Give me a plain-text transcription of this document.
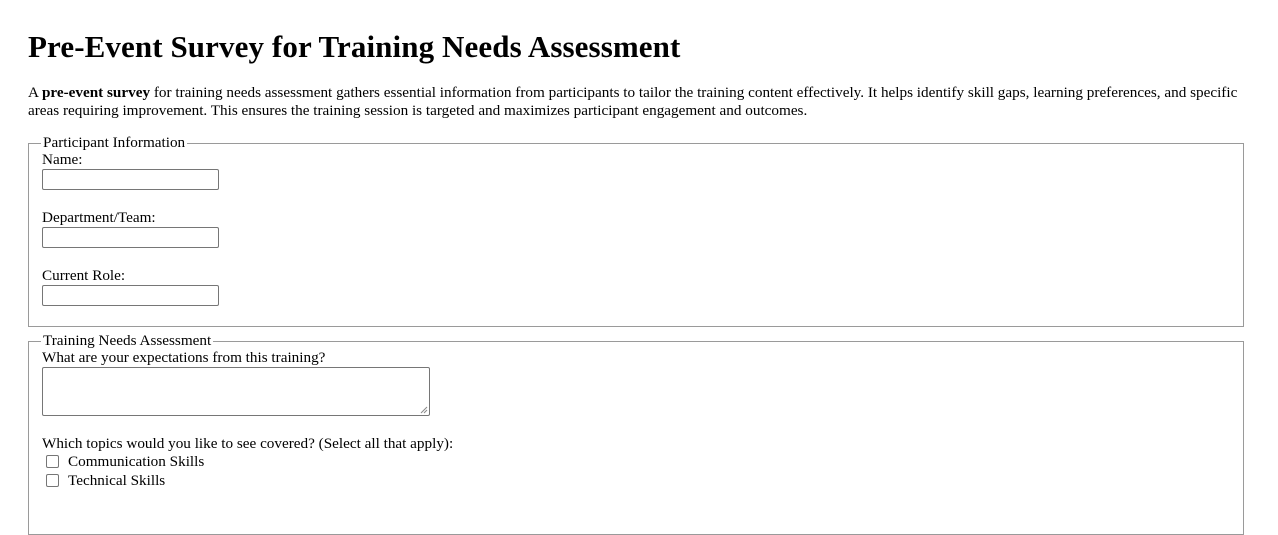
Pre-Event Survey for Training Needs Assessment

A pre-event survey for training needs assessment gathers essential information from participants to tailor the training content effectively. It helps identify skill gaps, learning preferences, and specific areas requiring improvement. This ensures the training session is targeted and maximizes participant engagement and outcomes.

Participant Information
Name:
Department/Team:
Current Role:
Training Needs Assessment
What are your expectations from this training?
Which topics would you like to see covered? (Select all that apply):
Communication Skills
Technical Skills
